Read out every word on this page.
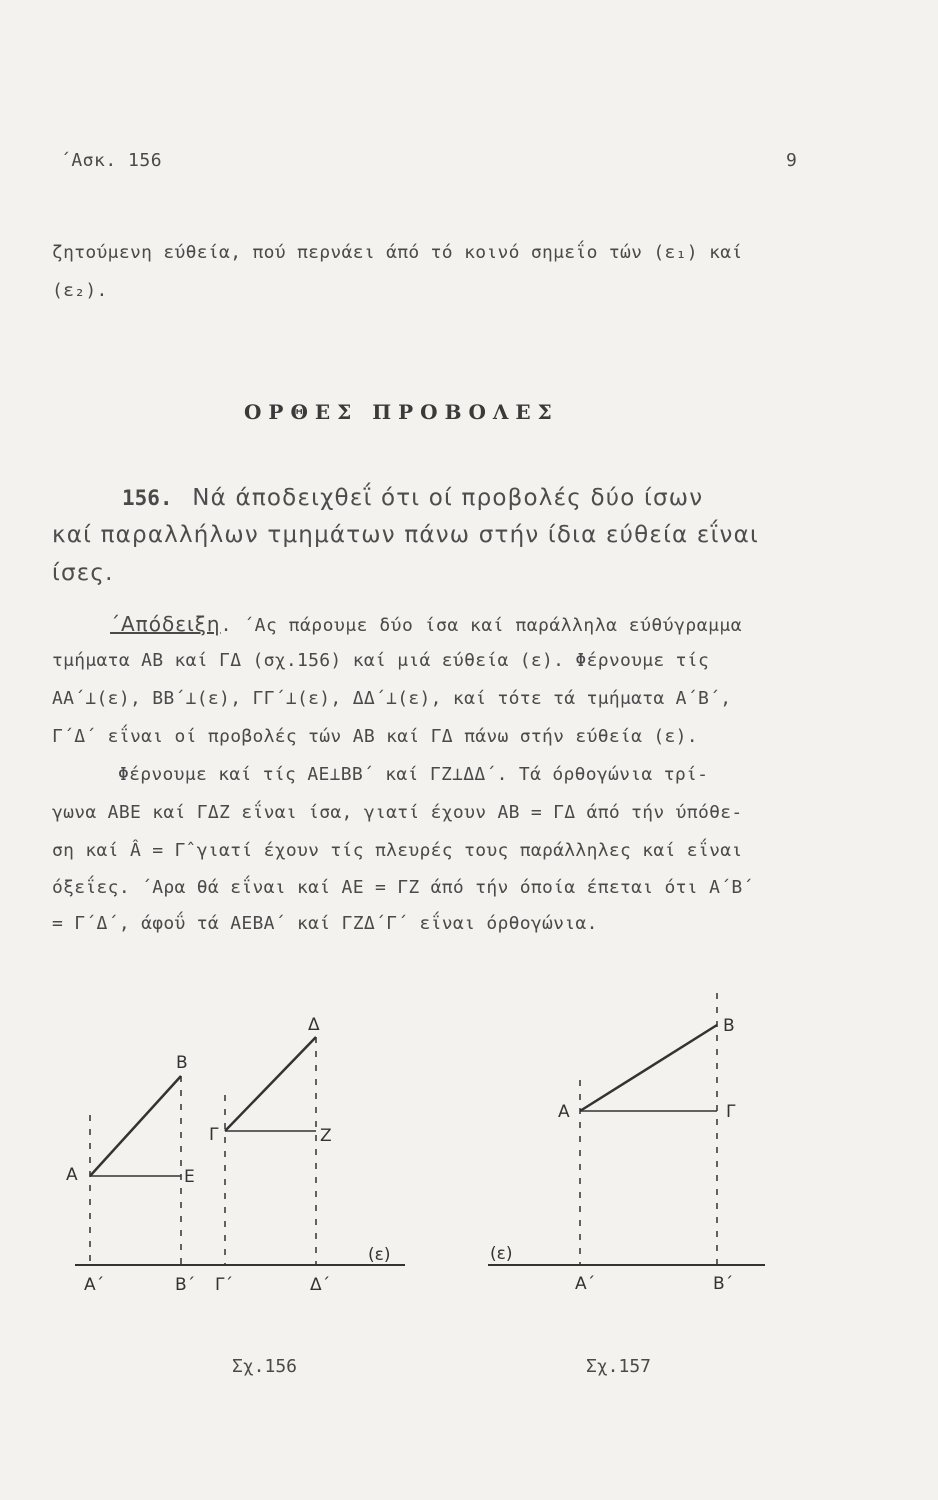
΄Ασκ. 156	9
ζητούμενη εύθεία, πού περνάει άπό τό κοινό σημεΐο τών (ε₁) καί
(ε₂).
ΟΡΘΕΣ ΠΡΟΒΟΛΕΣ
156. Νά άποδειχθεΐ ότι οί προβολές δύο ίσων
καί παραλλήλων τμημάτων πάνω στήν ίδια εύθεία εΐναι
ίσες.
΄Απόδειξη. ΄Ας πάρουμε δύο ίσα καί παράλληλα εύθύγραμμα
τμήματα ΑΒ καί ΓΔ (σχ.156) καί μιά εύθεία (ε). Φέρνουμε τίς
ΑΑ΄⊥(ε), ΒΒ΄⊥(ε), ΓΓ΄⊥(ε), ΔΔ΄⊥(ε), καί τότε τά τμήματα Α΄Β΄,
Γ΄Δ΄ εΐναι οί προβολές τών ΑΒ καί ΓΔ πάνω στήν εύθεία (ε).
Φέρνουμε καί τίς ΑΕ⊥ΒΒ΄ καί ΓΖ⊥ΔΔ΄. Τά όρθογώνια τρί-
γωνα ΑΒΕ καί ΓΔΖ εΐναι ίσα, γιατί έχουν ΑΒ = ΓΔ άπό τήν ύπόθε-
ση καί Â = Γ̂ γιατί έχουν τίς πλευρές τους παράλληλες καί εΐναι
όξεΐες. ΄Αρα θά εΐναι καί ΑΕ = ΓΖ άπό τήν όποία έπεται ότι Α΄Β΄
= Γ΄Δ΄, άφοΰ τά ΑΕΒΑ΄ καί ΓΖΔ΄Γ΄ εΐναι όρθογώνια.
Α
Β
Ε
Γ
Δ
Ζ
Α΄	Β΄ Γ΄	Δ΄
(ε)
Σχ.156
Α
Β
Γ
Α΄	Β΄
(ε)
Σχ.157
